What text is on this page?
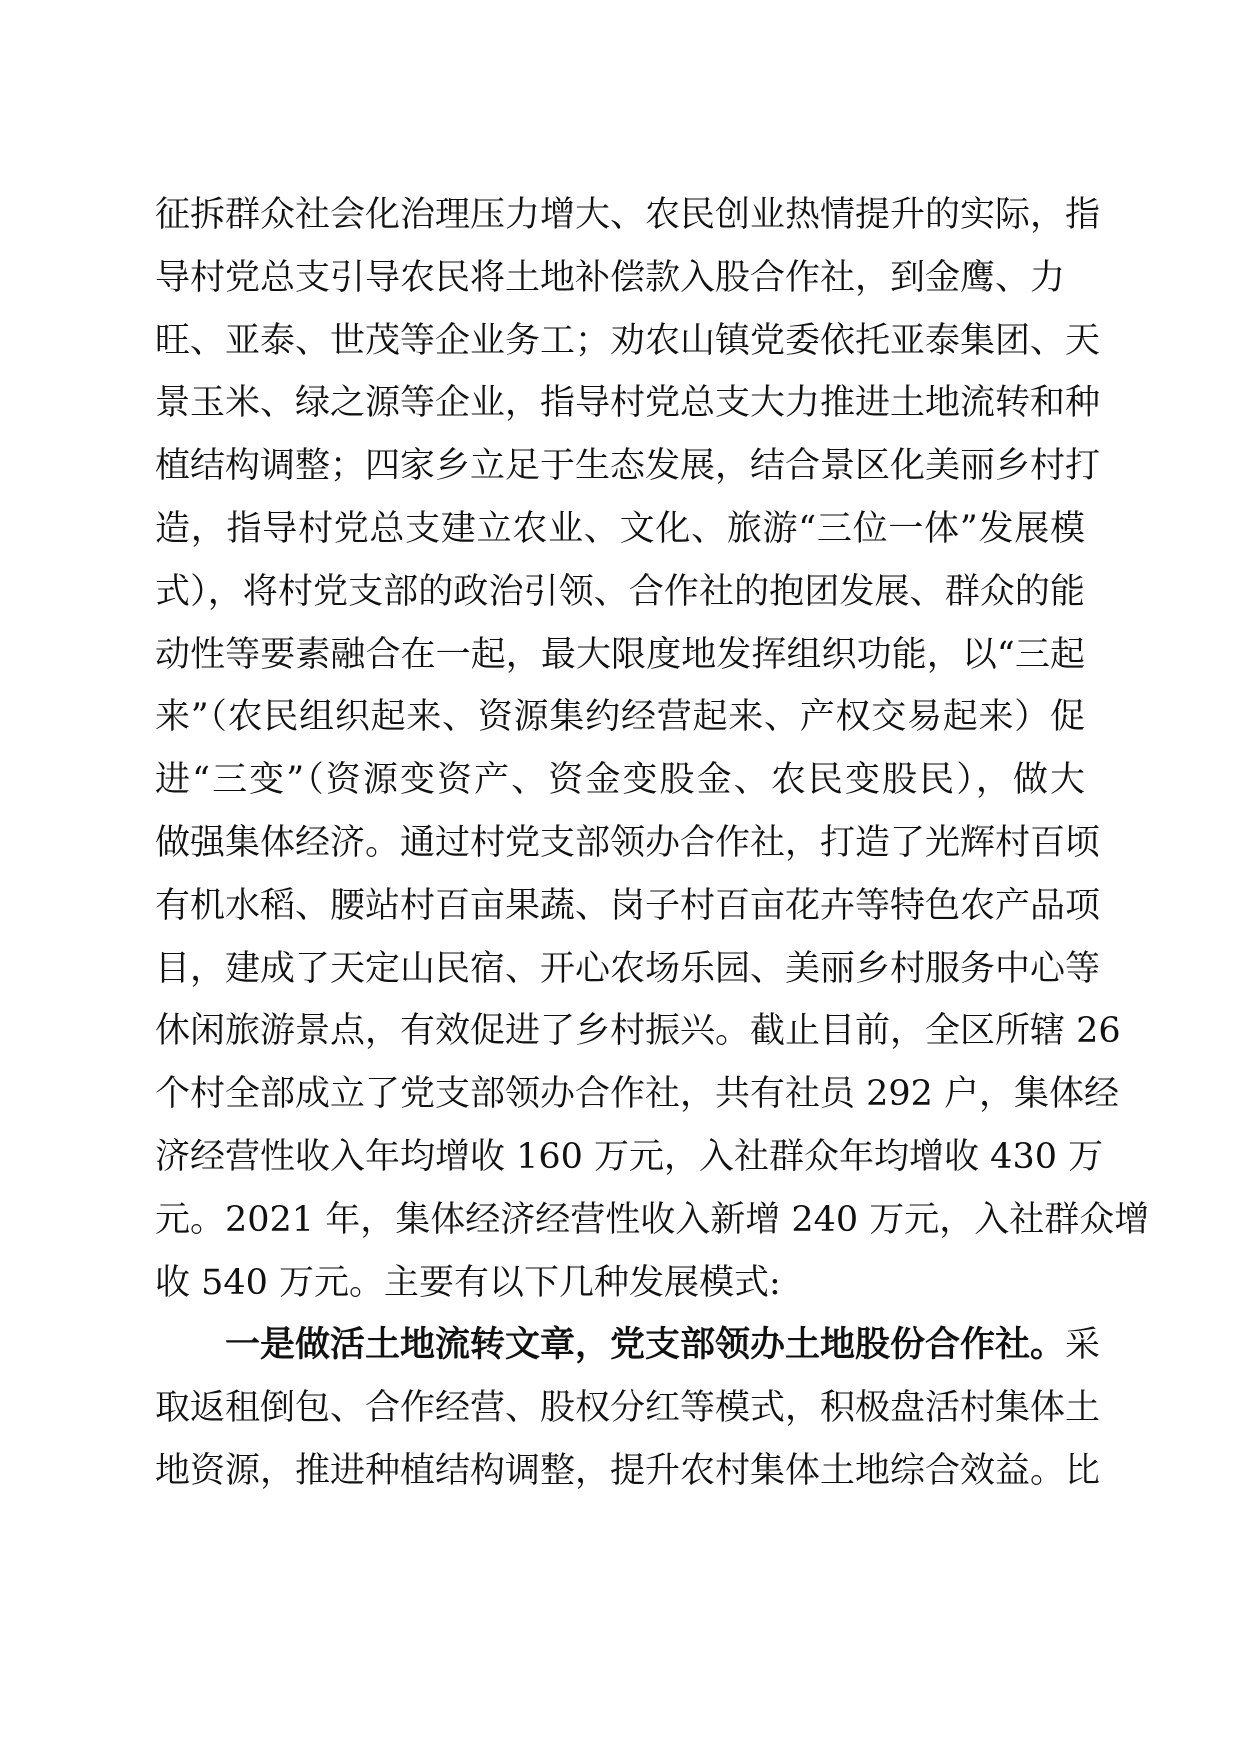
征拆群众社会化治理压力增大、农民创业热情提升的实际，指
导村党总支引导农民将土地补偿款入股合作社，到金鹰、力
旺、亚泰、世茂等企业务工；劝农山镇党委依托亚泰集团、天
景玉米、绿之源等企业，指导村党总支大力推进土地流转和种
植结构调整；四家乡立足于生态发展，结合景区化美丽乡村打
造，指导村党总支建立农业、文化、旅游“三位一体”发展模
式），将村党支部的政治引领、合作社的抱团发展、群众的能
动性等要素融合在一起，最大限度地发挥组织功能，以“三起
来”（农民组织起来、资源集约经营起来、产权交易起来）促
进“三变”（资源变资产、资金变股金、农民变股民），做大
做强集体经济。通过村党支部领办合作社，打造了光辉村百顷
有机水稻、腰站村百亩果蔬、岗子村百亩花卉等特色农产品项
目，建成了天定山民宿、开心农场乐园、美丽乡村服务中心等
休闲旅游景点，有效促进了乡村振兴。截止目前，全区所辖 26
个村全部成立了党支部领办合作社，共有社员 292 户，集体经
济经营性收入年均增收 160 万元，入社群众年均增收 430 万
元。2021 年，集体经济经营性收入新增 240 万元，入社群众增
收 540 万元。主要有以下几种发展模式:
一是做活土地流转文章，党支部领办土地股份合作社。采
取返租倒包、合作经营、股权分红等模式，积极盘活村集体土
地资源，推进种植结构调整，提升农村集体土地综合效益。比
